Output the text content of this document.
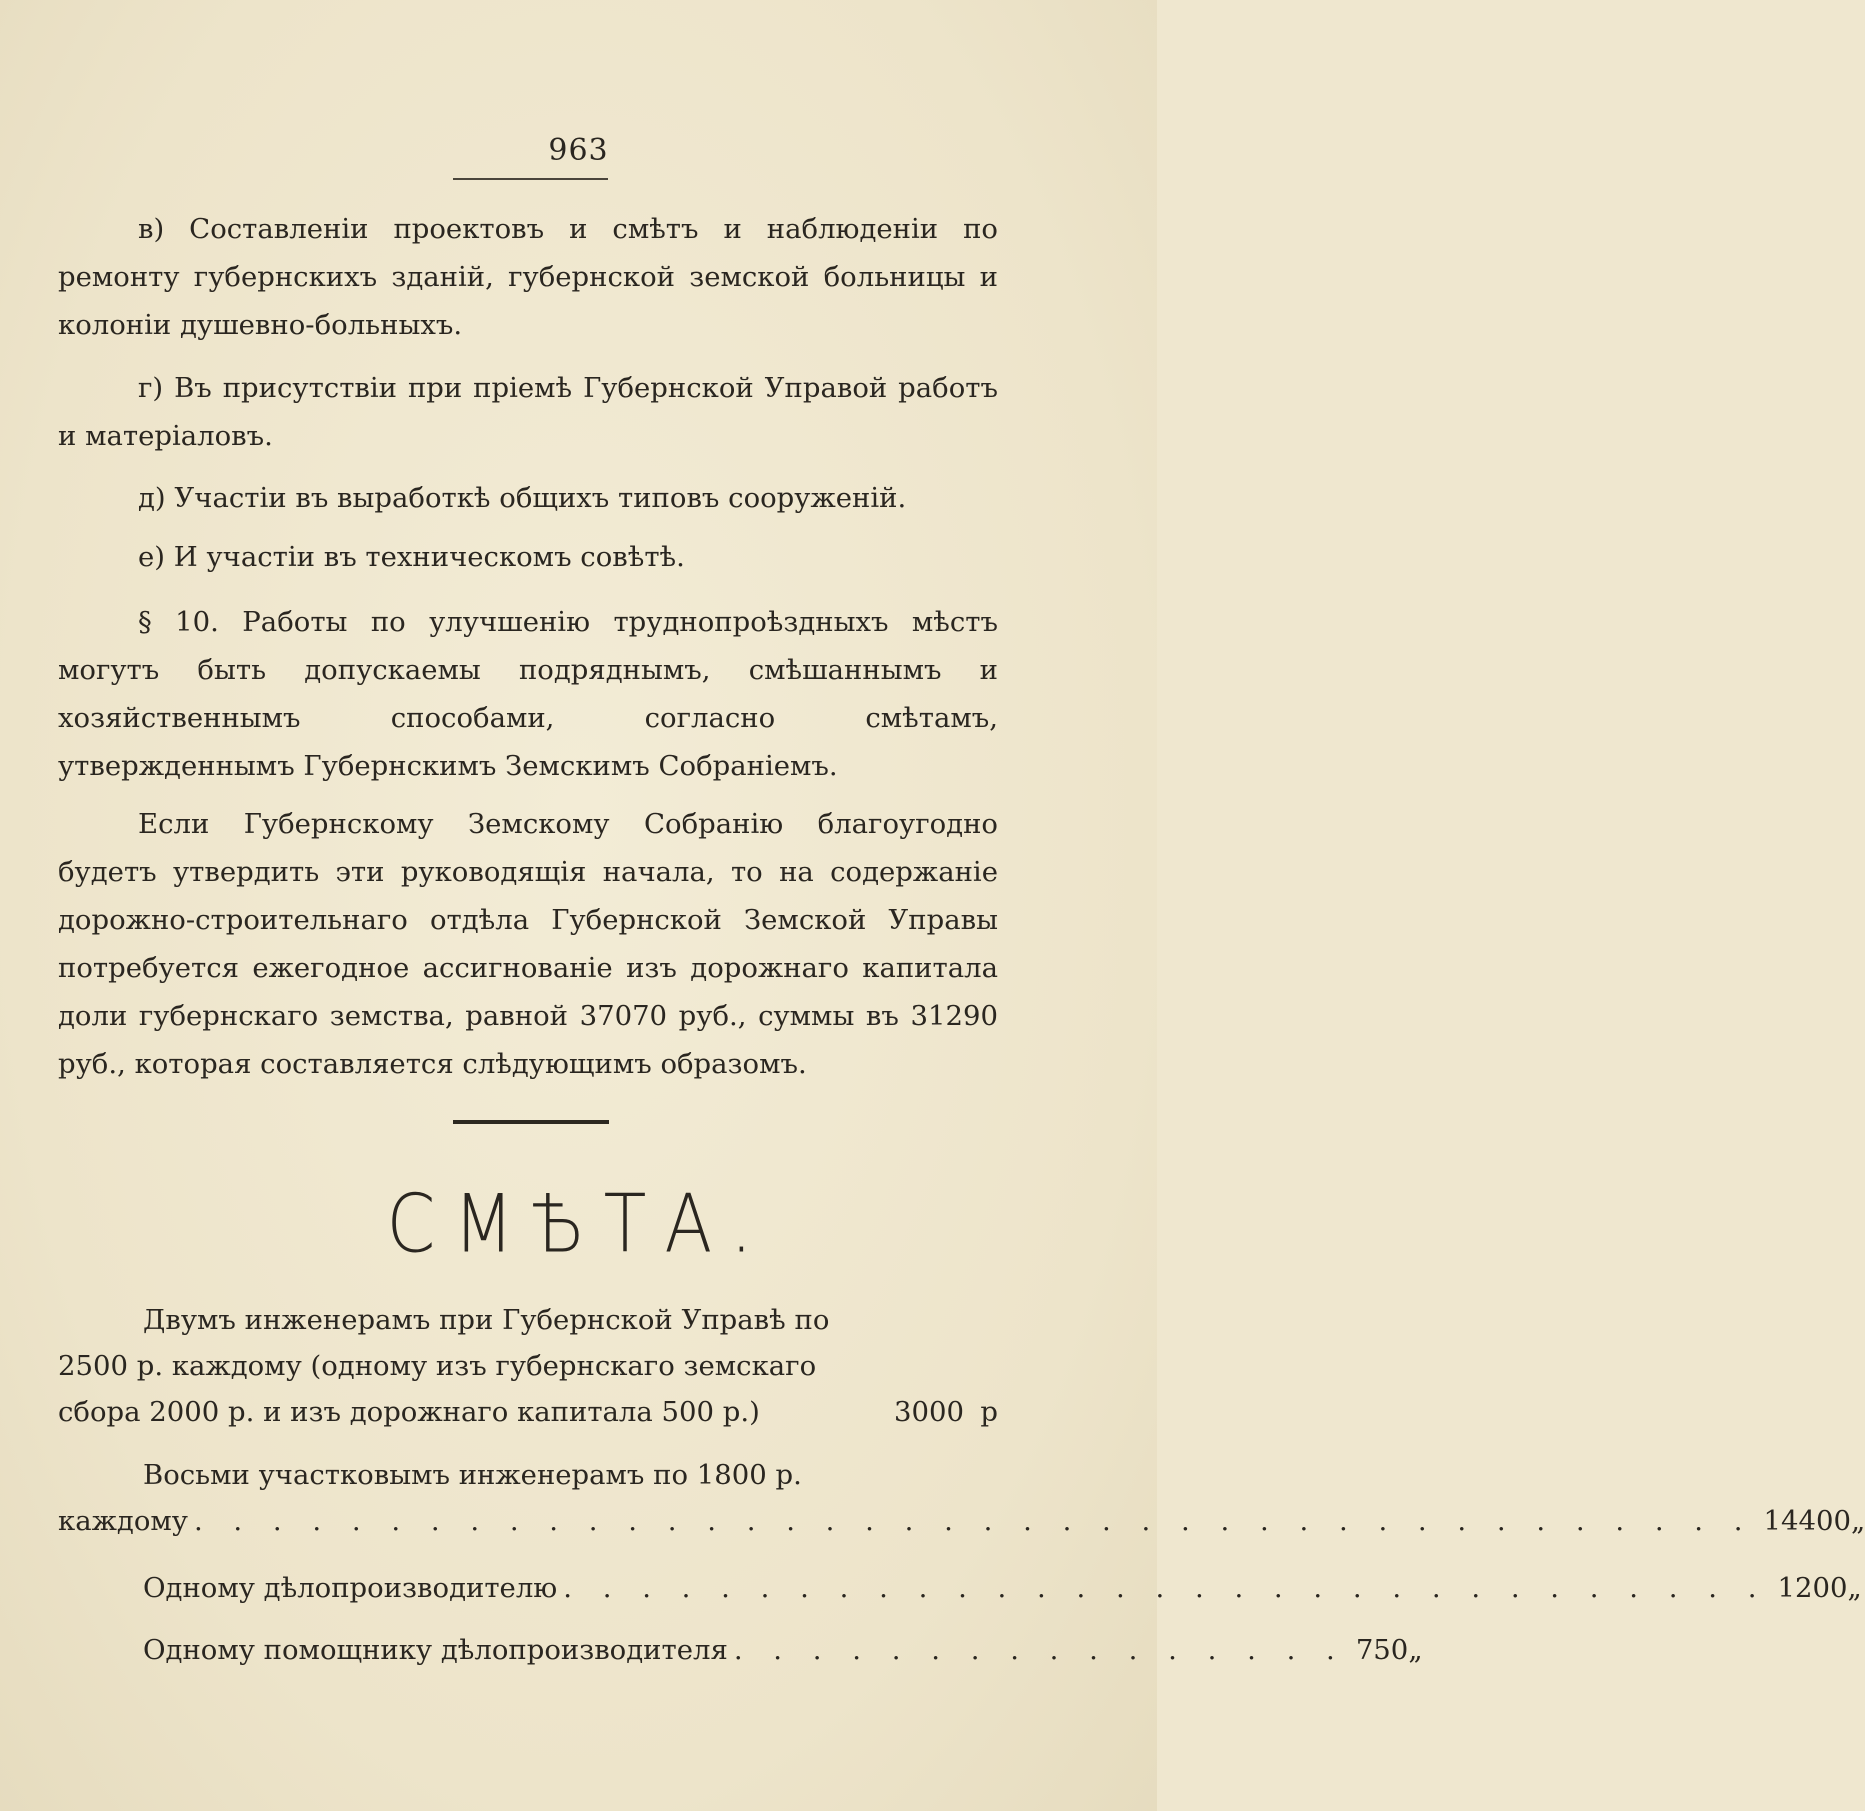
963
в) Составленіи проектовъ и смѣтъ и наблюденіи по ремонту губернскихъ зданій, губернской земской больницы и колоніи душевно-больныхъ.
г) Въ присутствіи при пріемѣ Губернской Управой работъ и матеріаловъ.
д) Участіи въ выработкѣ общихъ типовъ сооруженій.
е) И участіи въ техническомъ совѣтѣ.
§ 10. Работы по улучшенію труднопроѣздныхъ мѣстъ могутъ быть допускаемы подряднымъ, смѣшаннымъ и хозяйственнымъ способами, согласно смѣтамъ, утвержденнымъ Губернскимъ Земскимъ Собраніемъ.
Если Губернскому Земскому Собранію благоугодно будетъ утвердить эти руководящія начала, то на содержаніе дорожно-строительнаго отдѣла Губернской Земской Управы потребуется ежегодное ассигнованіе изъ дорожнаго капитала доли губернскаго земства, равной 37070 руб., суммы въ 31290 руб., которая составляется слѣдующимъ образомъ.
СМѢТА.
Двумъ инженерамъ при Губернской Управѣ по
2500 р. каждому (одному изъ губернскаго земскаго
сбора 2000 р. и изъ дорожнаго капитала 500 р.)	3000 р
Восьми участковымъ инженерамъ по 1800 р.
каждому . . . . . . . . . . . . . . . . . . . . . . . . . . . . . . . . . . . . . . . . 14400 „
Одному дѣлопроизводителю . . . . . . . . . . . . . . . . . . . . . . . . . . . . . . . 1200 „
Одному помощнику дѣлопроизводителя . . . . . . . . . . . . . . . . 750 „
